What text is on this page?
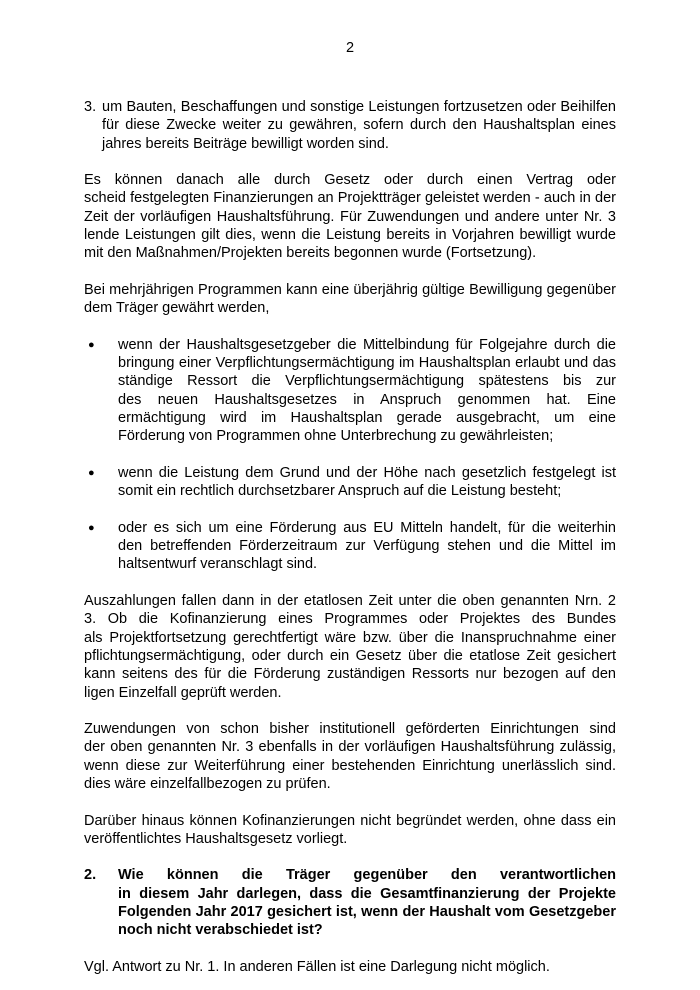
2
3. um Bauten, Beschaffungen und sonstige Leistungen fortzusetzen oder Beihilfen
für diese Zwecke weiter zu gewähren, sofern durch den Haushaltsplan eines
jahres bereits Beiträge bewilligt worden sind.
Es können danach alle durch Gesetz oder durch einen Vertrag oder
scheid festgelegten Finanzierungen an Projektträger geleistet werden - auch in der
Zeit der vorläufigen Haushaltsführung. Für Zuwendungen und andere unter Nr. 3
lende Leistungen gilt dies, wenn die Leistung bereits in Vorjahren bewilligt wurde
mit den Maßnahmen/Projekten bereits begonnen wurde (Fortsetzung).
Bei mehrjährigen Programmen kann eine überjährig gültige Bewilligung gegenüber
dem Träger gewährt werden,
● wenn der Haushaltsgesetzgeber die Mittelbindung für Folgejahre durch die
bringung einer Verpflichtungsermächtigung im Haushaltsplan erlaubt und das
ständige Ressort die Verpflichtungsermächtigung spätestens bis zur
des neuen Haushaltsgesetzes in Anspruch genommen hat. Eine
ermächtigung wird im Haushaltsplan gerade ausgebracht, um eine
Förderung von Programmen ohne Unterbrechung zu gewährleisten;
● wenn die Leistung dem Grund und der Höhe nach gesetzlich festgelegt ist
somit ein rechtlich durchsetzbarer Anspruch auf die Leistung besteht;
● oder es sich um eine Förderung aus EU Mitteln handelt, für die weiterhin
den betreffenden Förderzeitraum zur Verfügung stehen und die Mittel im
haltsentwurf veranschlagt sind.
Auszahlungen fallen dann in der etatlosen Zeit unter die oben genannten Nrn. 2
3. Ob die Kofinanzierung eines Programmes oder Projektes des Bundes
als Projektfortsetzung gerechtfertigt wäre bzw. über die Inanspruchnahme einer
pflichtungsermächtigung, oder durch ein Gesetz über die etatlose Zeit gesichert
kann seitens des für die Förderung zuständigen Ressorts nur bezogen auf den
ligen Einzelfall geprüft werden.
Zuwendungen von schon bisher institutionell geförderten Einrichtungen sind
der oben genannten Nr. 3 ebenfalls in der vorläufigen Haushaltsführung zulässig,
wenn diese zur Weiterführung einer bestehenden Einrichtung unerlässlich sind.
dies wäre einzelfallbezogen zu prüfen.
Darüber hinaus können Kofinanzierungen nicht begründet werden, ohne dass ein
veröffentlichtes Haushaltsgesetz vorliegt.
2. Wie können die Träger gegenüber den verantwortlichen
in diesem Jahr darlegen, dass die Gesamtfinanzierung der Projekte
Folgenden Jahr 2017 gesichert ist, wenn der Haushalt vom Gesetzgeber
noch nicht verabschiedet ist?
Vgl. Antwort zu Nr. 1. In anderen Fällen ist eine Darlegung nicht möglich.
